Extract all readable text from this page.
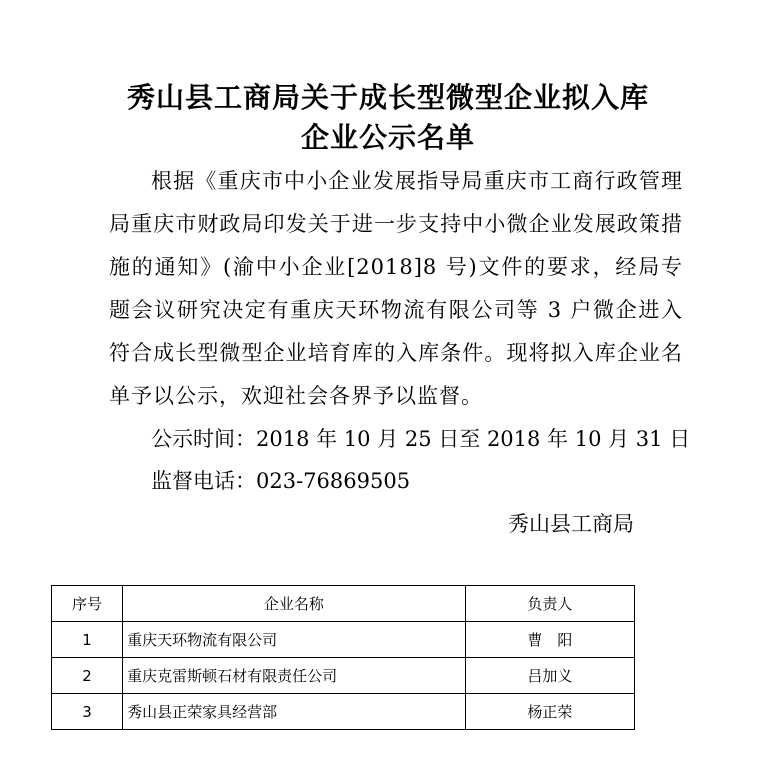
秀山县工商局关于成长型微型企业拟入库
企业公示名单
根据《重庆市中小企业发展指导局重庆市工商行政管理局重庆市财政局印发关于进一步支持中小微企业发展政策措施的通知》(渝中小企业[2018]8 号)文件的要求，经局专题会议研究决定有重庆天环物流有限公司等 3 户微企进入符合成长型微型企业培育库的入库条件。现将拟入库企业名单予以公示，欢迎社会各界予以监督。
公示时间：2018 年 10 月 25 日至 2018 年 10 月 31 日
监督电话：023-76869505
秀山县工商局
序号	企业名称	负责人
1	重庆天环物流有限公司	曹　阳
2	重庆克雷斯顿石材有限责任公司	吕加义
3	秀山县正荣家具经营部	杨正荣
